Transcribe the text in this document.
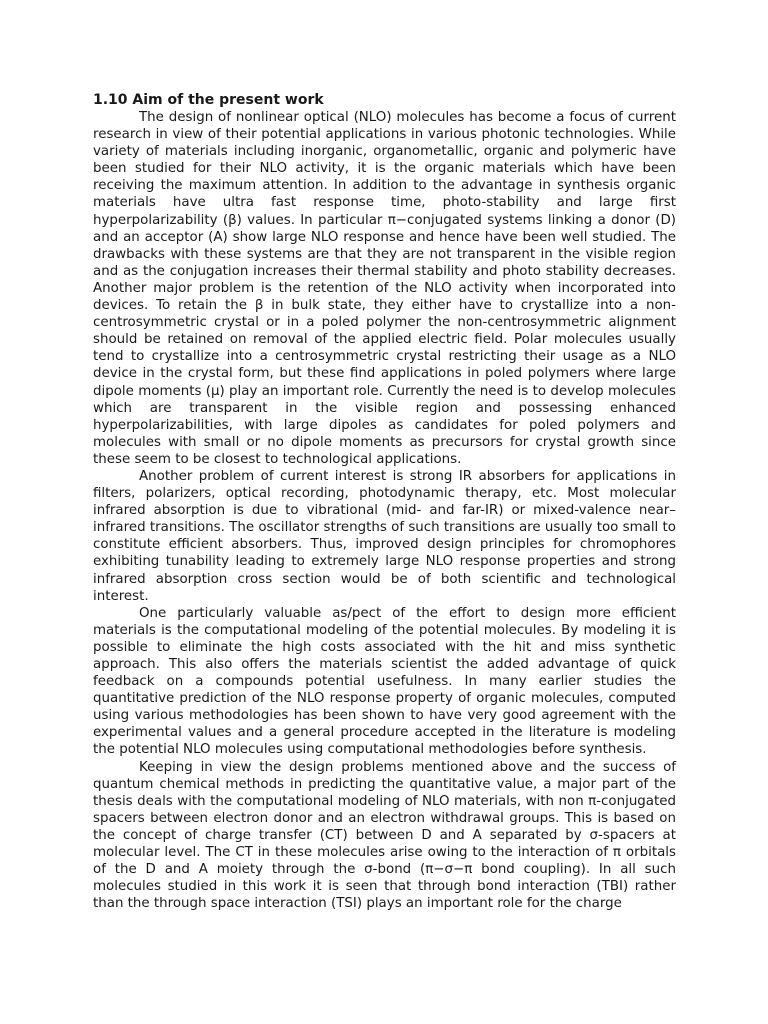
1.10 Aim of the present work

The design of nonlinear optical (NLO) molecules has become a focus of current research in view of their potential applications in various photonic technologies. While variety of materials including inorganic, organometallic, organic and polymeric have been studied for their NLO activity, it is the organic materials which have been receiving the maximum attention. In addition to the advantage in synthesis organic materials have ultra fast response time, photo-stability and large first hyperpolarizability (β) values. In particular π−conjugated systems linking a donor (D) and an acceptor (A) show large NLO response and hence have been well studied. The drawbacks with these systems are that they are not transparent in the visible region and as the conjugation increases their thermal stability and photo stability decreases. Another major problem is the retention of the NLO activity when incorporated into devices. To retain the β in bulk state, they either have to crystallize into a non-centrosymmetric crystal or in a poled polymer the non-centrosymmetric alignment should be retained on removal of the applied electric field. Polar molecules usually tend to crystallize into a centrosymmetric crystal restricting their usage as a NLO device in the crystal form, but these find applications in poled polymers where large dipole moments (μ) play an important role. Currently the need is to develop molecules which are transparent in the visible region and possessing enhanced hyperpolarizabilities, with large dipoles as candidates for poled polymers and molecules with small or no dipole moments as precursors for crystal growth since these seem to be closest to technological applications.

Another problem of current interest is strong IR absorbers for applications in filters, polarizers, optical recording, photodynamic therapy, etc. Most molecular infrared absorption is due to vibrational (mid- and far-IR) or mixed-valence near–infrared transitions. The oscillator strengths of such transitions are usually too small to constitute efficient absorbers. Thus, improved design principles for chromophores exhibiting tunability leading to extremely large NLO response properties and strong infrared absorption cross section would be of both scientific and technological interest.

One particularly valuable as/pect of the effort to design more efficient materials is the computational modeling of the potential molecules. By modeling it is possible to eliminate the high costs associated with the hit and miss synthetic approach. This also offers the materials scientist the added advantage of quick feedback on a compounds potential usefulness. In many earlier studies the quantitative prediction of the NLO response property of organic molecules, computed using various methodologies has been shown to have very good agreement with the experimental values and a general procedure accepted in the literature is modeling the potential NLO molecules using computational methodologies before synthesis.

Keeping in view the design problems mentioned above and the success of quantum chemical methods in predicting the quantitative value, a major part of the thesis deals with the computational modeling of NLO materials, with non π-conjugated spacers between electron donor and an electron withdrawal groups. This is based on the concept of charge transfer (CT) between D and A separated by σ-spacers at molecular level. The CT in these molecules arise owing to the interaction of π orbitals of the D and A moiety through the σ-bond (π−σ−π bond coupling). In all such molecules studied in this work it is seen that through bond interaction (TBI) rather than the through space interaction (TSI) plays an important role for the charge
